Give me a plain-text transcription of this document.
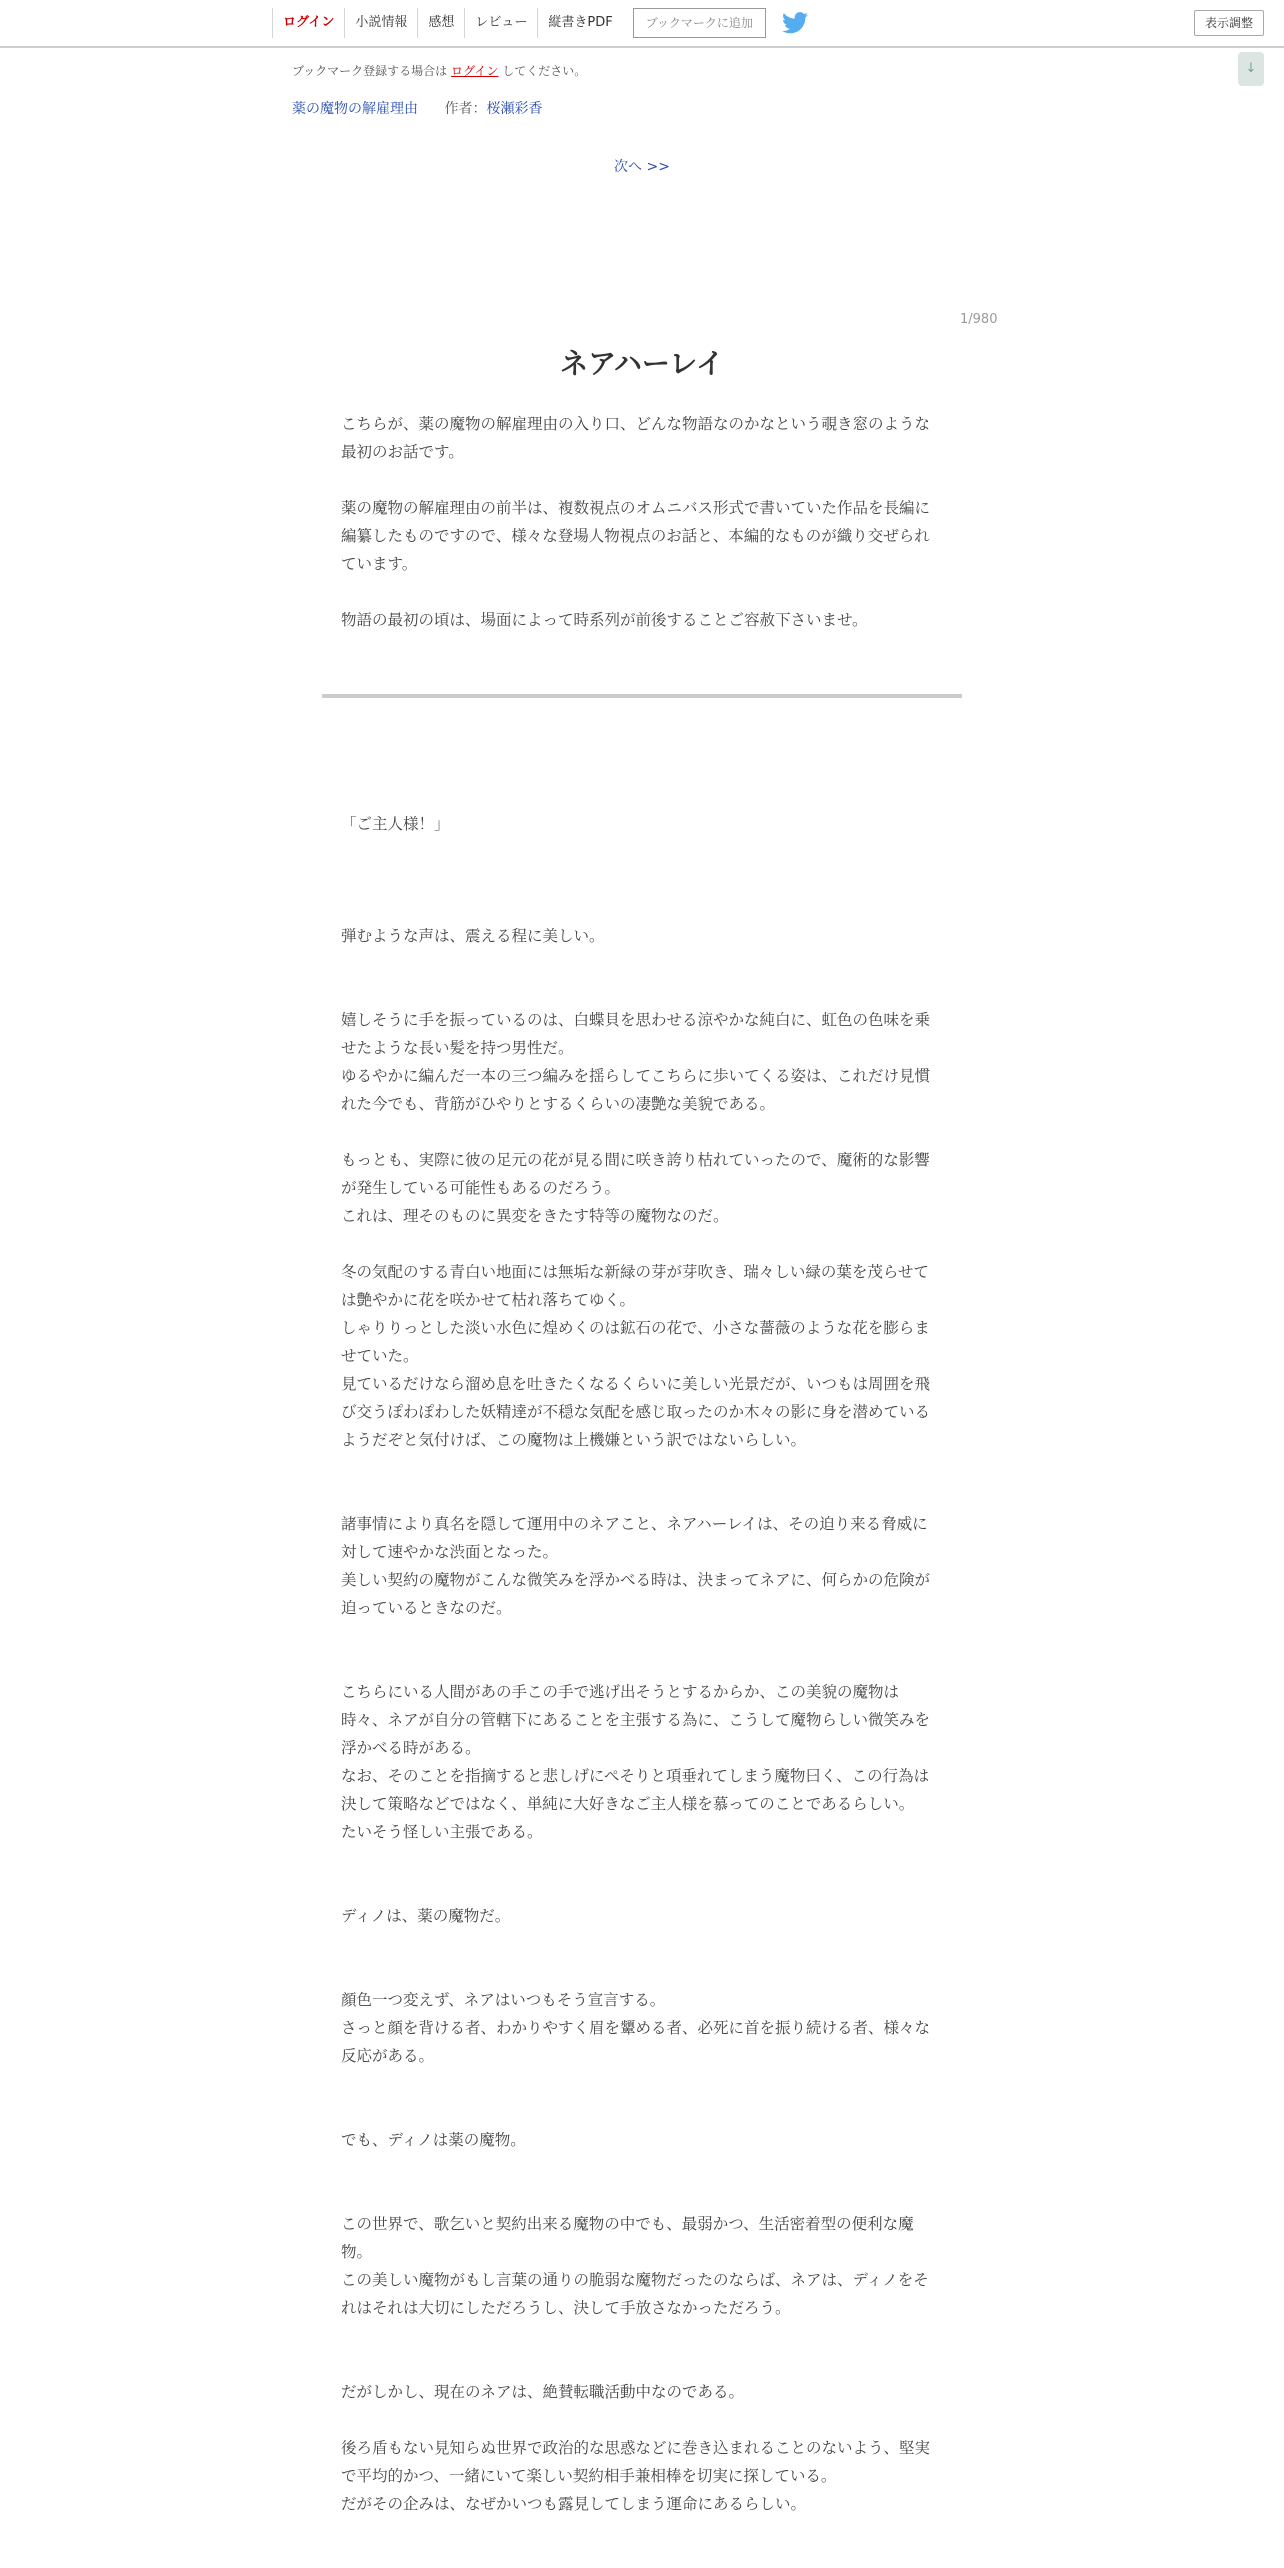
ログイン	小説情報	感想	レビュー	縦書きPDF	ブックマークに追加	表示調整
↓
ブックマーク登録する場合は ログイン してください。
薬の魔物の解雇理由 作者：桜瀬彩香
次へ >>
1/980
ネアハーレイ

こちらが、薬の魔物の解雇理由の入り口、どんな物語なのかなという覗き窓のような最初のお話です。

薬の魔物の解雇理由の前半は、複数視点のオムニバス形式で書いていた作品を長編に編纂したものですので、様々な登場人物視点のお話と、本編的なものが織り交ぜられています。

物語の最初の頃は、場面によって時系列が前後することご容赦下さいませ。

「ご主人様！」

弾むような声は、震える程に美しい。

嬉しそうに手を振っているのは、白蝶貝を思わせる涼やかな純白に、虹色の色味を乗せたような長い髪を持つ男性だ。

ゆるやかに編んだ一本の三つ編みを揺らしてこちらに歩いてくる姿は、これだけ見慣れた今でも、背筋がひやりとするくらいの凄艶な美貌である。

もっとも、実際に彼の足元の花が見る間に咲き誇り枯れていったので、魔術的な影響が発生している可能性もあるのだろう。

これは、理そのものに異変をきたす特等の魔物なのだ。

冬の気配のする青白い地面には無垢な新緑の芽が芽吹き、瑞々しい緑の葉を茂らせては艶やかに花を咲かせて枯れ落ちてゆく。

しゃりりっとした淡い水色に煌めくのは鉱石の花で、小さな薔薇のような花を膨らませていた。

見ているだけなら溜め息を吐きたくなるくらいに美しい光景だが、いつもは周囲を飛び交うぽわぽわした妖精達が不穏な気配を感じ取ったのか木々の影に身を潜めているようだぞと気付けば、この魔物は上機嫌という訳ではないらしい。

諸事情により真名を隠して運用中のネアこと、ネアハーレイは、その迫り来る脅威に対して速やかな渋面となった。

美しい契約の魔物がこんな微笑みを浮かべる時は、決まってネアに、何らかの危険が迫っているときなのだ。

こちらにいる人間があの手この手で逃げ出そうとするからか、この美貌の魔物は時々、ネアが自分の管轄下にあることを主張する為に、こうして魔物らしい微笑みを浮かべる時がある。

なお、そのことを指摘すると悲しげにぺそりと項垂れてしまう魔物曰く、この行為は決して策略などではなく、単純に大好きなご主人様を慕ってのことであるらしい。

たいそう怪しい主張である。

ディノは、薬の魔物だ。

顔色一つ変えず、ネアはいつもそう宣言する。

さっと顔を背ける者、わかりやすく眉を顰める者、必死に首を振り続ける者、様々な反応がある。

でも、ディノは薬の魔物。

この世界で、歌乞いと契約出来る魔物の中でも、最弱かつ、生活密着型の便利な魔物。

この美しい魔物がもし言葉の通りの脆弱な魔物だったのならば、ネアは、ディノをそれはそれは大切にしただろうし、決して手放さなかっただろう。

だがしかし、現在のネアは、絶賛転職活動中なのである。

後ろ盾もない見知らぬ世界で政治的な思惑などに巻き込まれることのないよう、堅実で平均的かつ、一緒にいて楽しい契約相手兼相棒を切実に探している。

だがその企みは、なぜかいつも露見してしまう運命にあるらしい。
